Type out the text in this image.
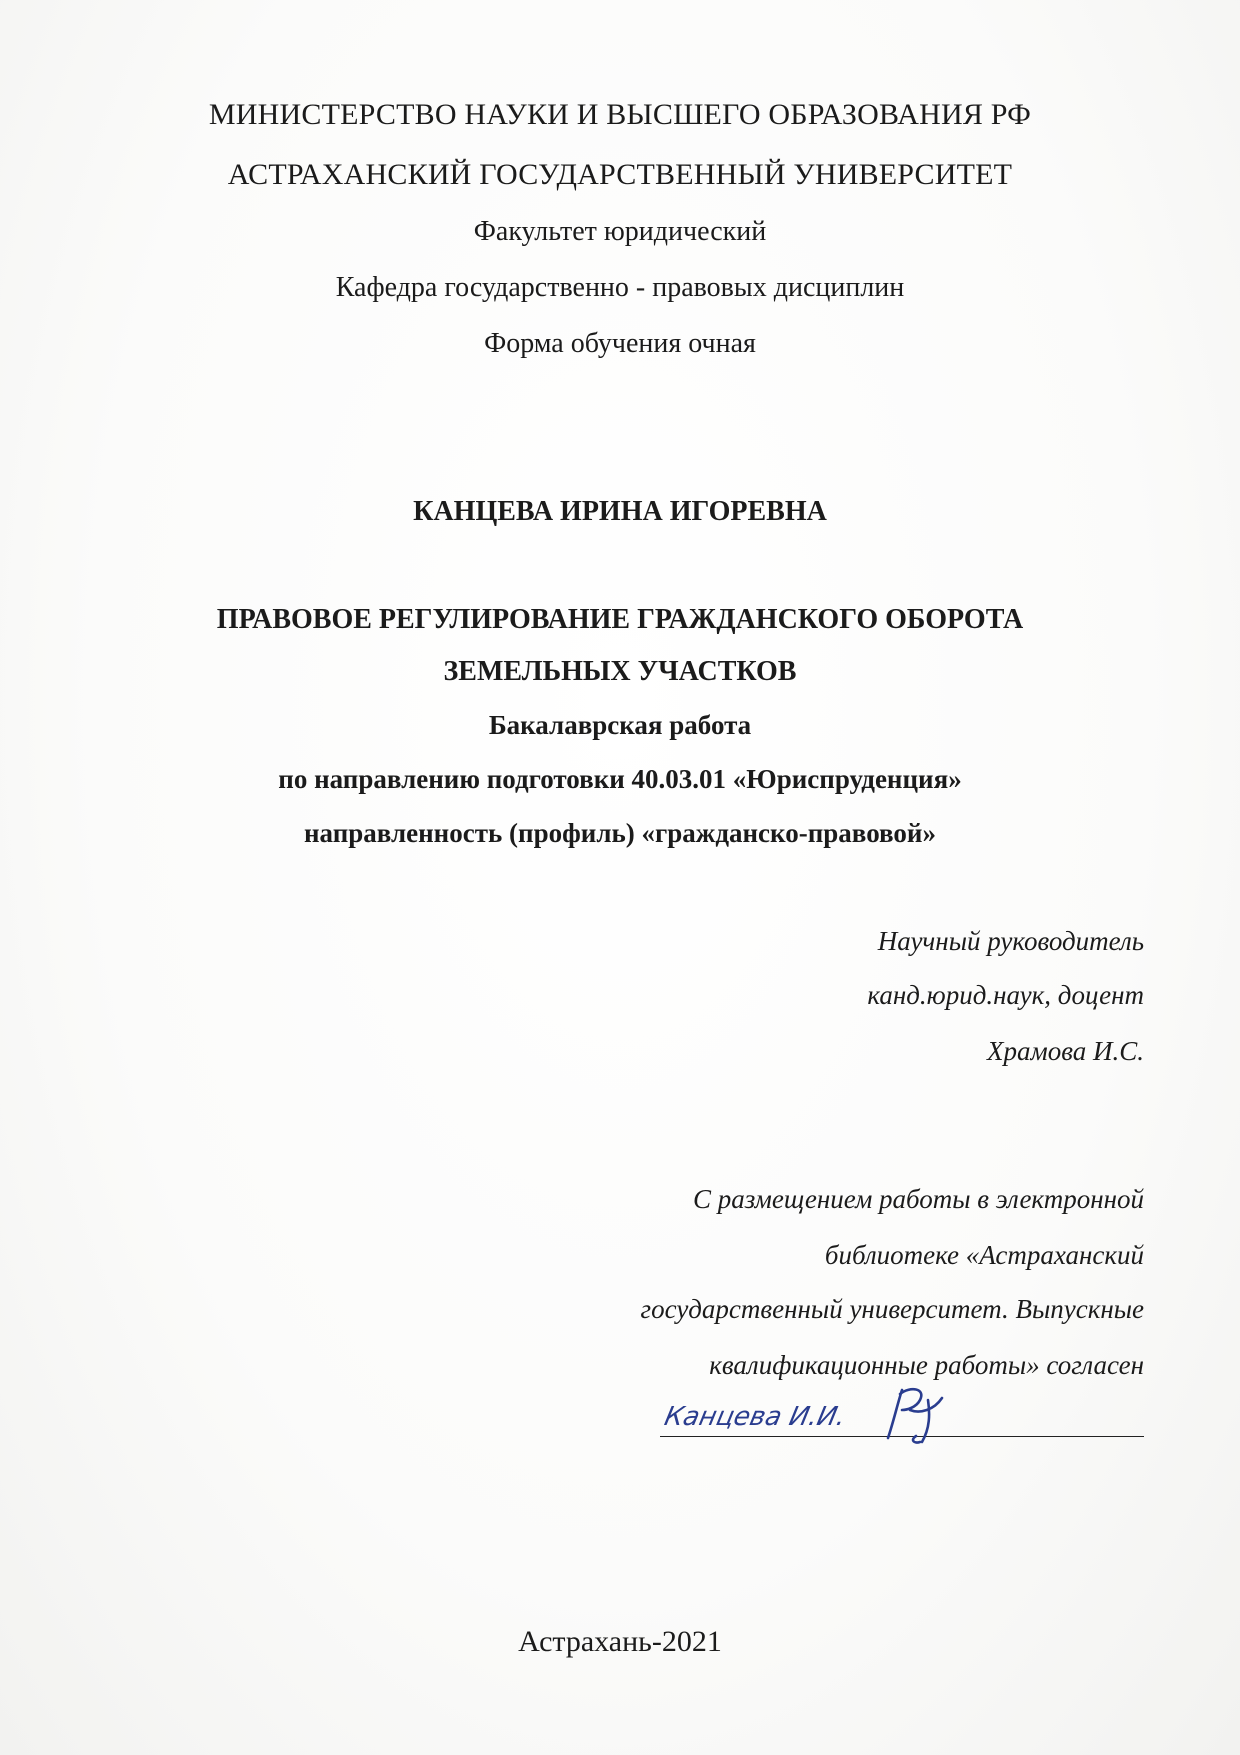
МИНИСТЕРСТВО НАУКИ И ВЫСШЕГО ОБРАЗОВАНИЯ РФ
АСТРАХАНСКИЙ ГОСУДАРСТВЕННЫЙ УНИВЕРСИТЕТ
Факультет юридический
Кафедра государственно - правовых дисциплин
Форма обучения очная
КАНЦЕВА ИРИНА ИГОРЕВНА
ПРАВОВОЕ РЕГУЛИРОВАНИЕ ГРАЖДАНСКОГО ОБОРОТА
ЗЕМЕЛЬНЫХ УЧАСТКОВ
Бакалаврская работа
по направлению подготовки 40.03.01 «Юриспруденция»
направленность (профиль) «гражданско-правовой»
Научный руководитель
канд.юрид.наук, доцент
Храмова И.С.
С размещением работы в электронной
библиотеке «Астраханский
государственный университет. Выпускные
квалификационные работы» согласен
Канцева И.И.
Астрахань-2021
